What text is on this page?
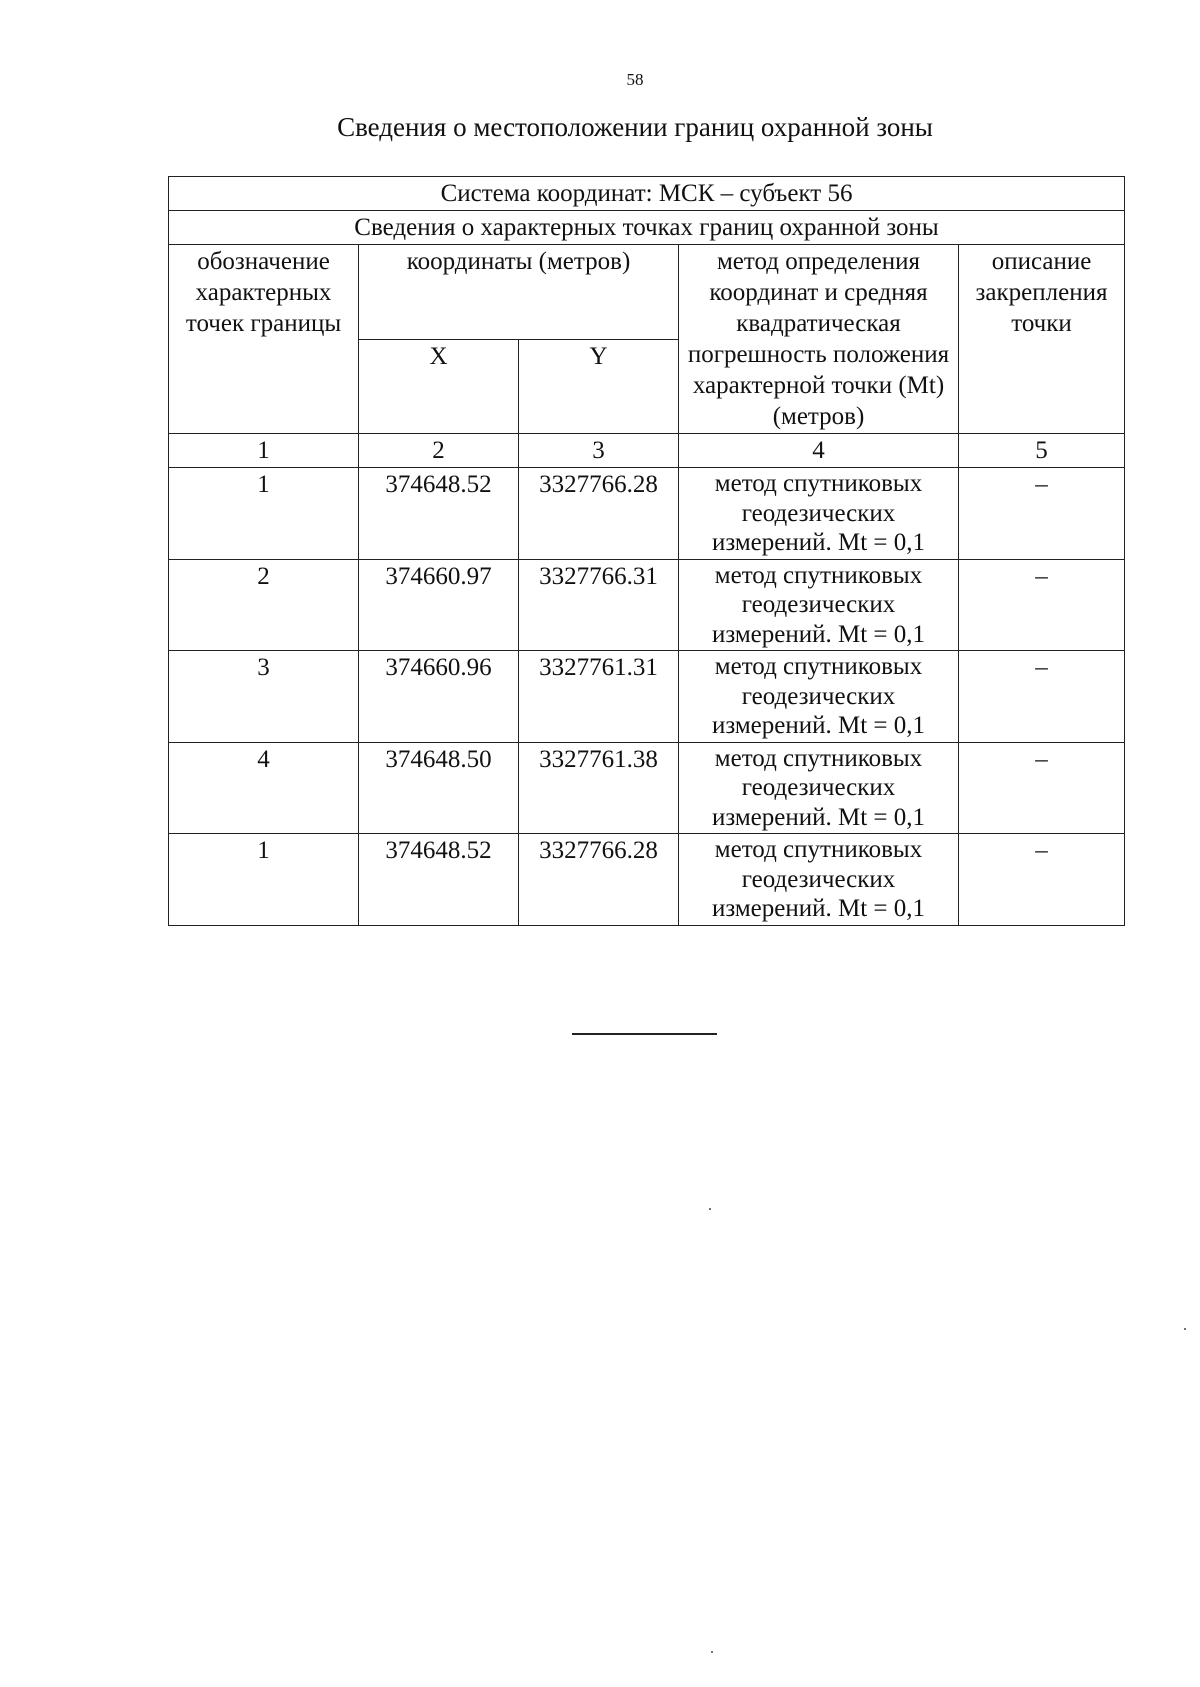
58
Сведения о местоположении границ охранной зоны
Система координат: МСК – субъект 56				
Сведения о характерных точках границ охранной зоны				
обозначение характерных точек границы	координаты (метров)		метод определения координат и средняя квадратическая погрешность положения характерной точки (Mt) (метров)	описание закрепления точки
	X	Y		
1	2	3	4	5
1	374648.52	3327766.28	метод спутниковых геодезических измерений. Mt = 0,1	–
2	374660.97	3327766.31	метод спутниковых геодезических измерений. Mt = 0,1	–
3	374660.96	3327761.31	метод спутниковых геодезических измерений. Mt = 0,1	–
4	374648.50	3327761.38	метод спутниковых геодезических измерений. Mt = 0,1	–
1	374648.52	3327766.28	метод спутниковых геодезических измерений. Mt = 0,1	–
